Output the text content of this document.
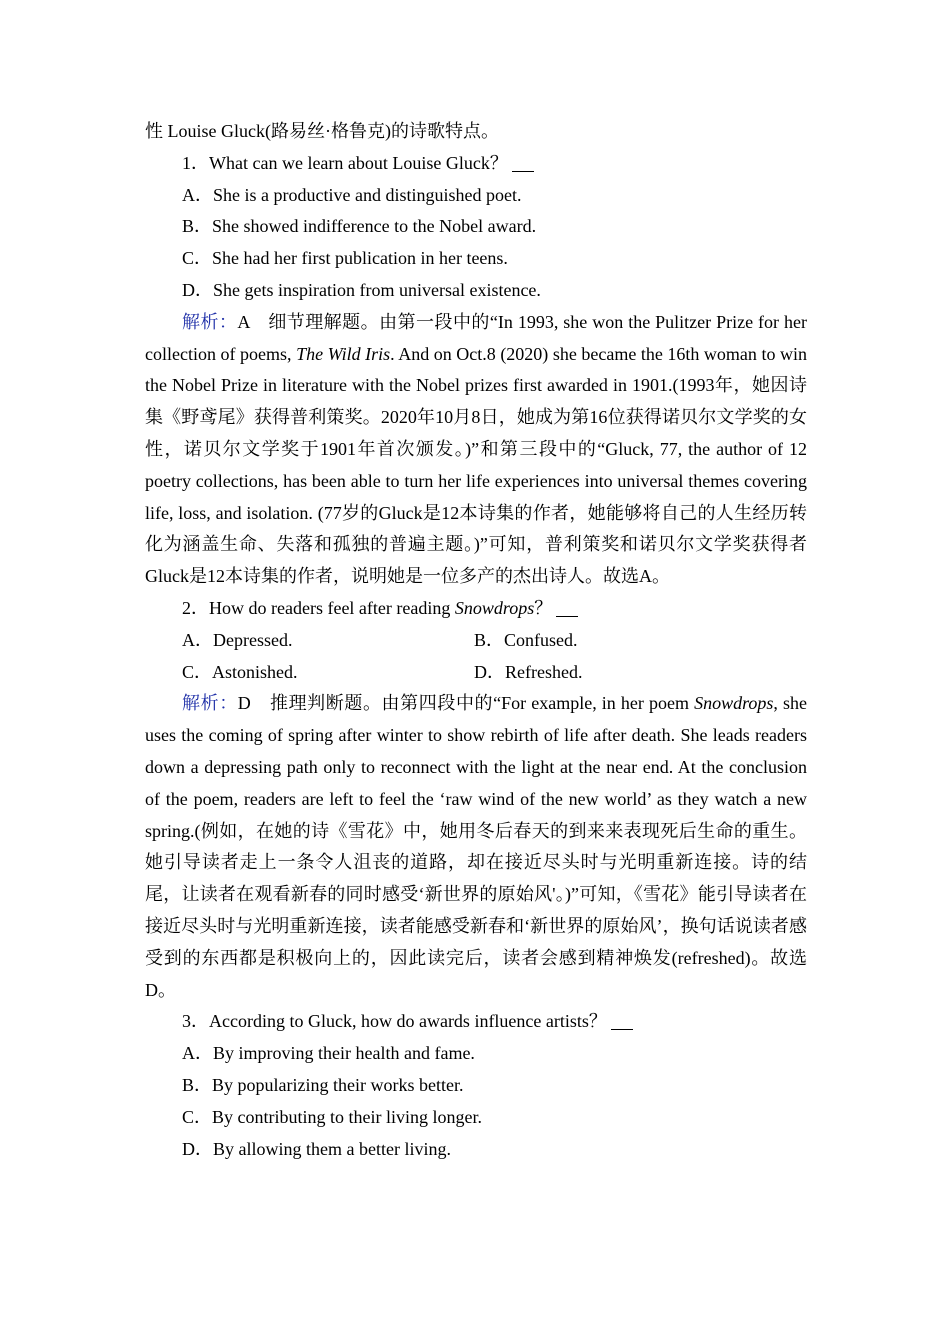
性 Louise Gluck(路易丝·格鲁克)的诗歌特点。

1．What can we learn about Louise Gluck？

A．She is a productive and distinguished poet.

B．She showed indifference to the Nobel award.

C．She had her first publication in her teens.

D．She gets inspiration from universal existence.

解析：A　细节理解题。由第一段中的“In 1993, she won the Pulitzer Prize for her collection of poems, The Wild Iris. And on Oct.8 (2020) she became the 16th woman to win the Nobel Prize in literature with the Nobel prizes first awarded in 1901.(1993年，她因诗集《野鸢尾》获得普利策奖。2020年10月8日，她成为第16位获得诺贝尔文学奖的女性，诺贝尔文学奖于1901年首次颁发。)”和第三段中的“Gluck, 77, the author of 12 poetry collections, has been able to turn her life experiences into universal themes covering life, loss, and isolation. (77岁的Gluck是12本诗集的作者，她能够将自己的人生经历转化为涵盖生命、失落和孤独的普遍主题。)”可知，普利策奖和诺贝尔文学奖获得者Gluck是12本诗集的作者，说明她是一位多产的杰出诗人。故选A。

2．How do readers feel after reading Snowdrops？

A．Depressed.	B．Confused.
C．Astonished.	D．Refreshed.

解析：D　推理判断题。由第四段中的“For example, in her poem Snowdrops, she uses the coming of spring after winter to show rebirth of life after death. She leads readers down a depressing path only to reconnect with the light at the near end. At the conclusion of the poem, readers are left to feel the ‘raw wind of the new world’ as they watch a new spring.(例如，在她的诗《雪花》中，她用冬后春天的到来来表现死后生命的重生。她引导读者走上一条令人沮丧的道路，却在接近尽头时与光明重新连接。诗的结尾，让读者在观看新春的同时感受‘新世界的原始风'。)”可知，《雪花》能引导读者在接近尽头时与光明重新连接，读者能感受新春和‘新世界的原始风’，换句话说读者感受到的东西都是积极向上的，因此读完后，读者会感到精神焕发(refreshed)。故选D。

3．According to Gluck, how do awards influence artists？

A．By improving their health and fame.

B．By popularizing their works better.

C．By contributing to their living longer.

D．By allowing them a better living.
